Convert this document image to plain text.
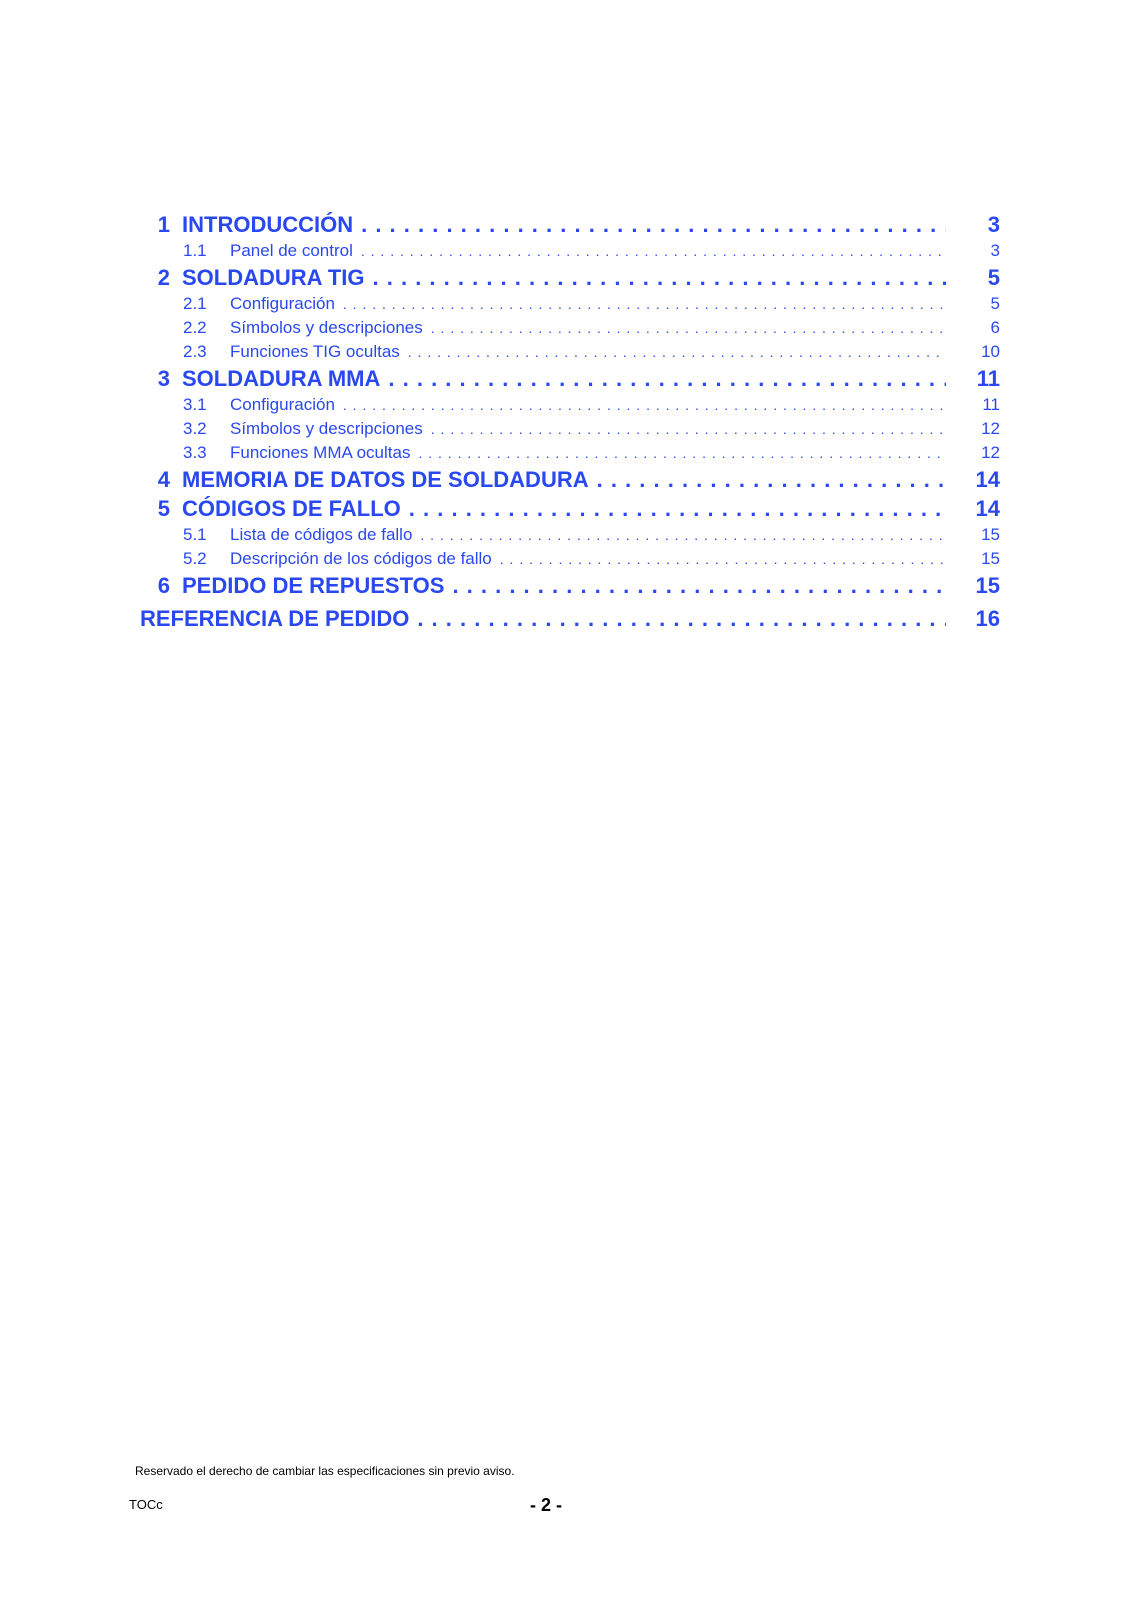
1 INTRODUCCIÓN . . .	3
1.1	Panel de control . . .	3
2 SOLDADURA TIG . . .	5
2.1	Configuración . . .	5
2.2	Símbolos y descripciones . . .	6
2.3	Funciones TIG ocultas . . .	10
3 SOLDADURA MMA . . .	11
3.1	Configuración . . .	11
3.2	Símbolos y descripciones . . .	12
3.3	Funciones MMA ocultas . . .	12
4 MEMORIA DE DATOS DE SOLDADURA . . .	14
5 CÓDIGOS DE FALLO . . .	14
5.1	Lista de códigos de fallo . . .	15
5.2	Descripción de los códigos de fallo . . .	15
6 PEDIDO DE REPUESTOS . . .	15
REFERENCIA DE PEDIDO . . .	16
Reservado el derecho de cambiar las especificaciones sin previo aviso.
TOCc	- 2 -
